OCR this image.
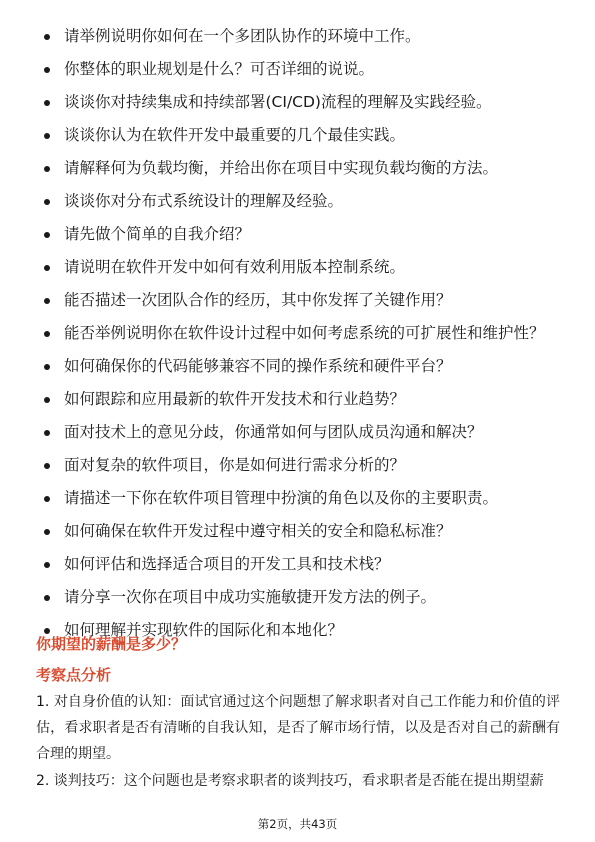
请举例说明你如何在一个多团队协作的环境中工作。
你整体的职业规划是什么？可否详细的说说。
谈谈你对持续集成和持续部署(CI/CD)流程的理解及实践经验。
谈谈你认为在软件开发中最重要的几个最佳实践。
请解释何为负载均衡，并给出你在项目中实现负载均衡的方法。
谈谈你对分布式系统设计的理解及经验。
请先做个简单的自我介绍？
请说明在软件开发中如何有效利用版本控制系统。
能否描述一次团队合作的经历，其中你发挥了关键作用？
能否举例说明你在软件设计过程中如何考虑系统的可扩展性和维护性？
如何确保你的代码能够兼容不同的操作系统和硬件平台？
如何跟踪和应用最新的软件开发技术和行业趋势？
面对技术上的意见分歧，你通常如何与团队成员沟通和解决？
面对复杂的软件项目，你是如何进行需求分析的？
请描述一下你在软件项目管理中扮演的角色以及你的主要职责。
如何确保在软件开发过程中遵守相关的安全和隐私标准？
如何评估和选择适合项目的开发工具和技术栈？
请分享一次你在项目中成功实施敏捷开发方法的例子。
如何理解并实现软件的国际化和本地化？
你期望的薪酬是多少？
考察点分析
1. 对自身价值的认知：面试官通过这个问题想了解求职者对自己工作能力和价值的评估，看求职者是否有清晰的自我认知，是否了解市场行情，以及是否对自己的薪酬有合理的期望。
2. 谈判技巧：这个问题也是考察求职者的谈判技巧，看求职者是否能在提出期望薪
第2页，共43页
